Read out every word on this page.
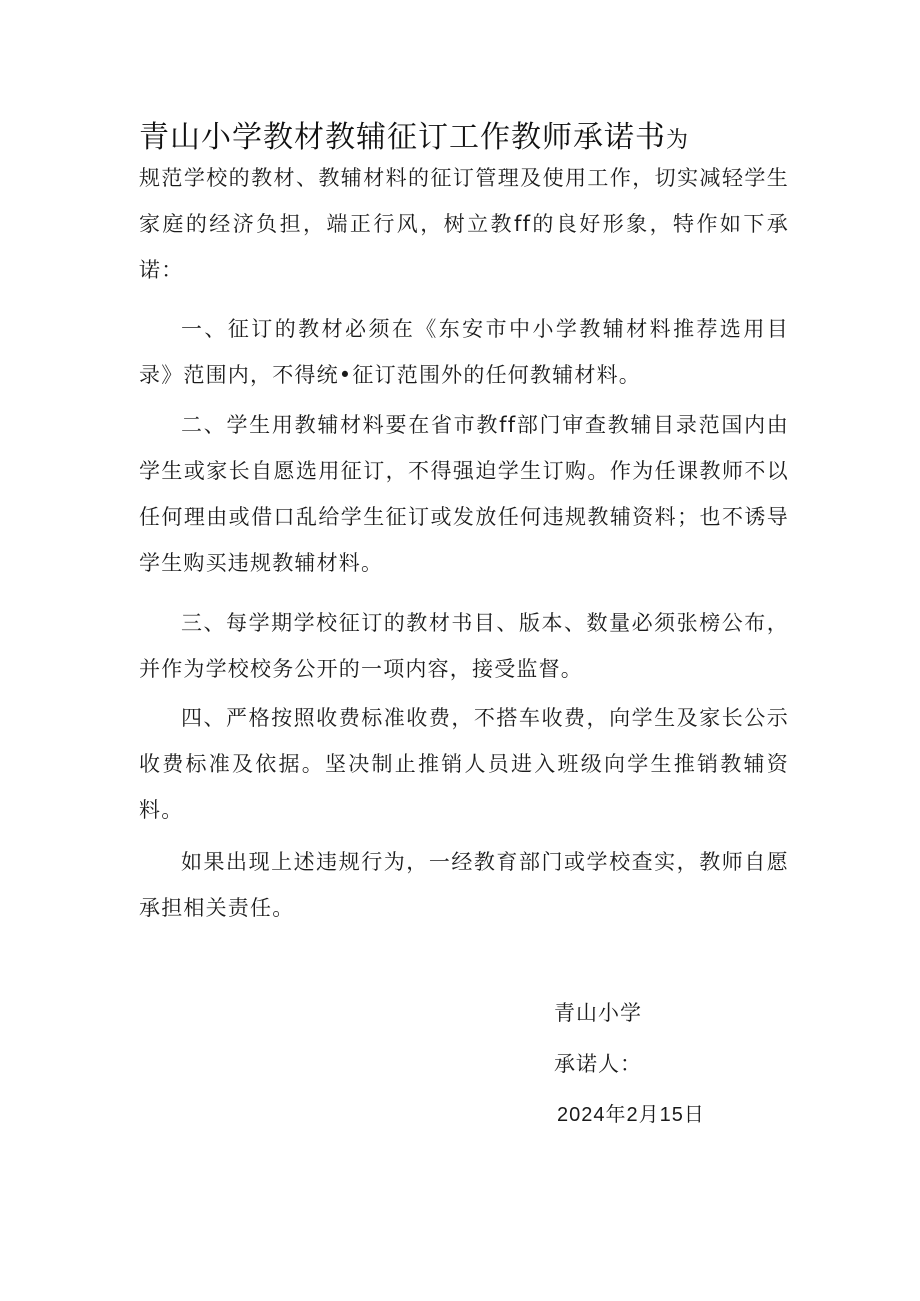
青山小学教材教辅征订工作教师承诺书为
规范学校的教材、教辅材料的征订管理及使用工作，切实减轻学生家庭的经济负担，端正行风，树立教ff的良好形象，特作如下承诺：
一、征订的教材必须在《东安市中小学教辅材料推荐选用目录》范围内，不得统•征订范围外的任何教辅材料。
二、学生用教辅材料要在省市教ff部门审查教辅目录范国内由学生或家长自愿选用征订，不得强迫学生订购。作为任课教师不以任何理由或借口乱给学生征订或发放任何违规教辅资料；也不诱导学生购买违规教辅材料。
三、每学期学校征订的教材书目、版本、数量必须张榜公布，并作为学校校务公开的一项内容，接受监督。
四、严格按照收费标准收费，不搭车收费，向学生及家长公示收费标准及依据。坚决制止推销人员进入班级向学生推销教辅资料。
如果出现上述违规行为，一经教育部门或学校查实，教师自愿承担相关责任。
青山小学
承诺人：
2024年2月15日
